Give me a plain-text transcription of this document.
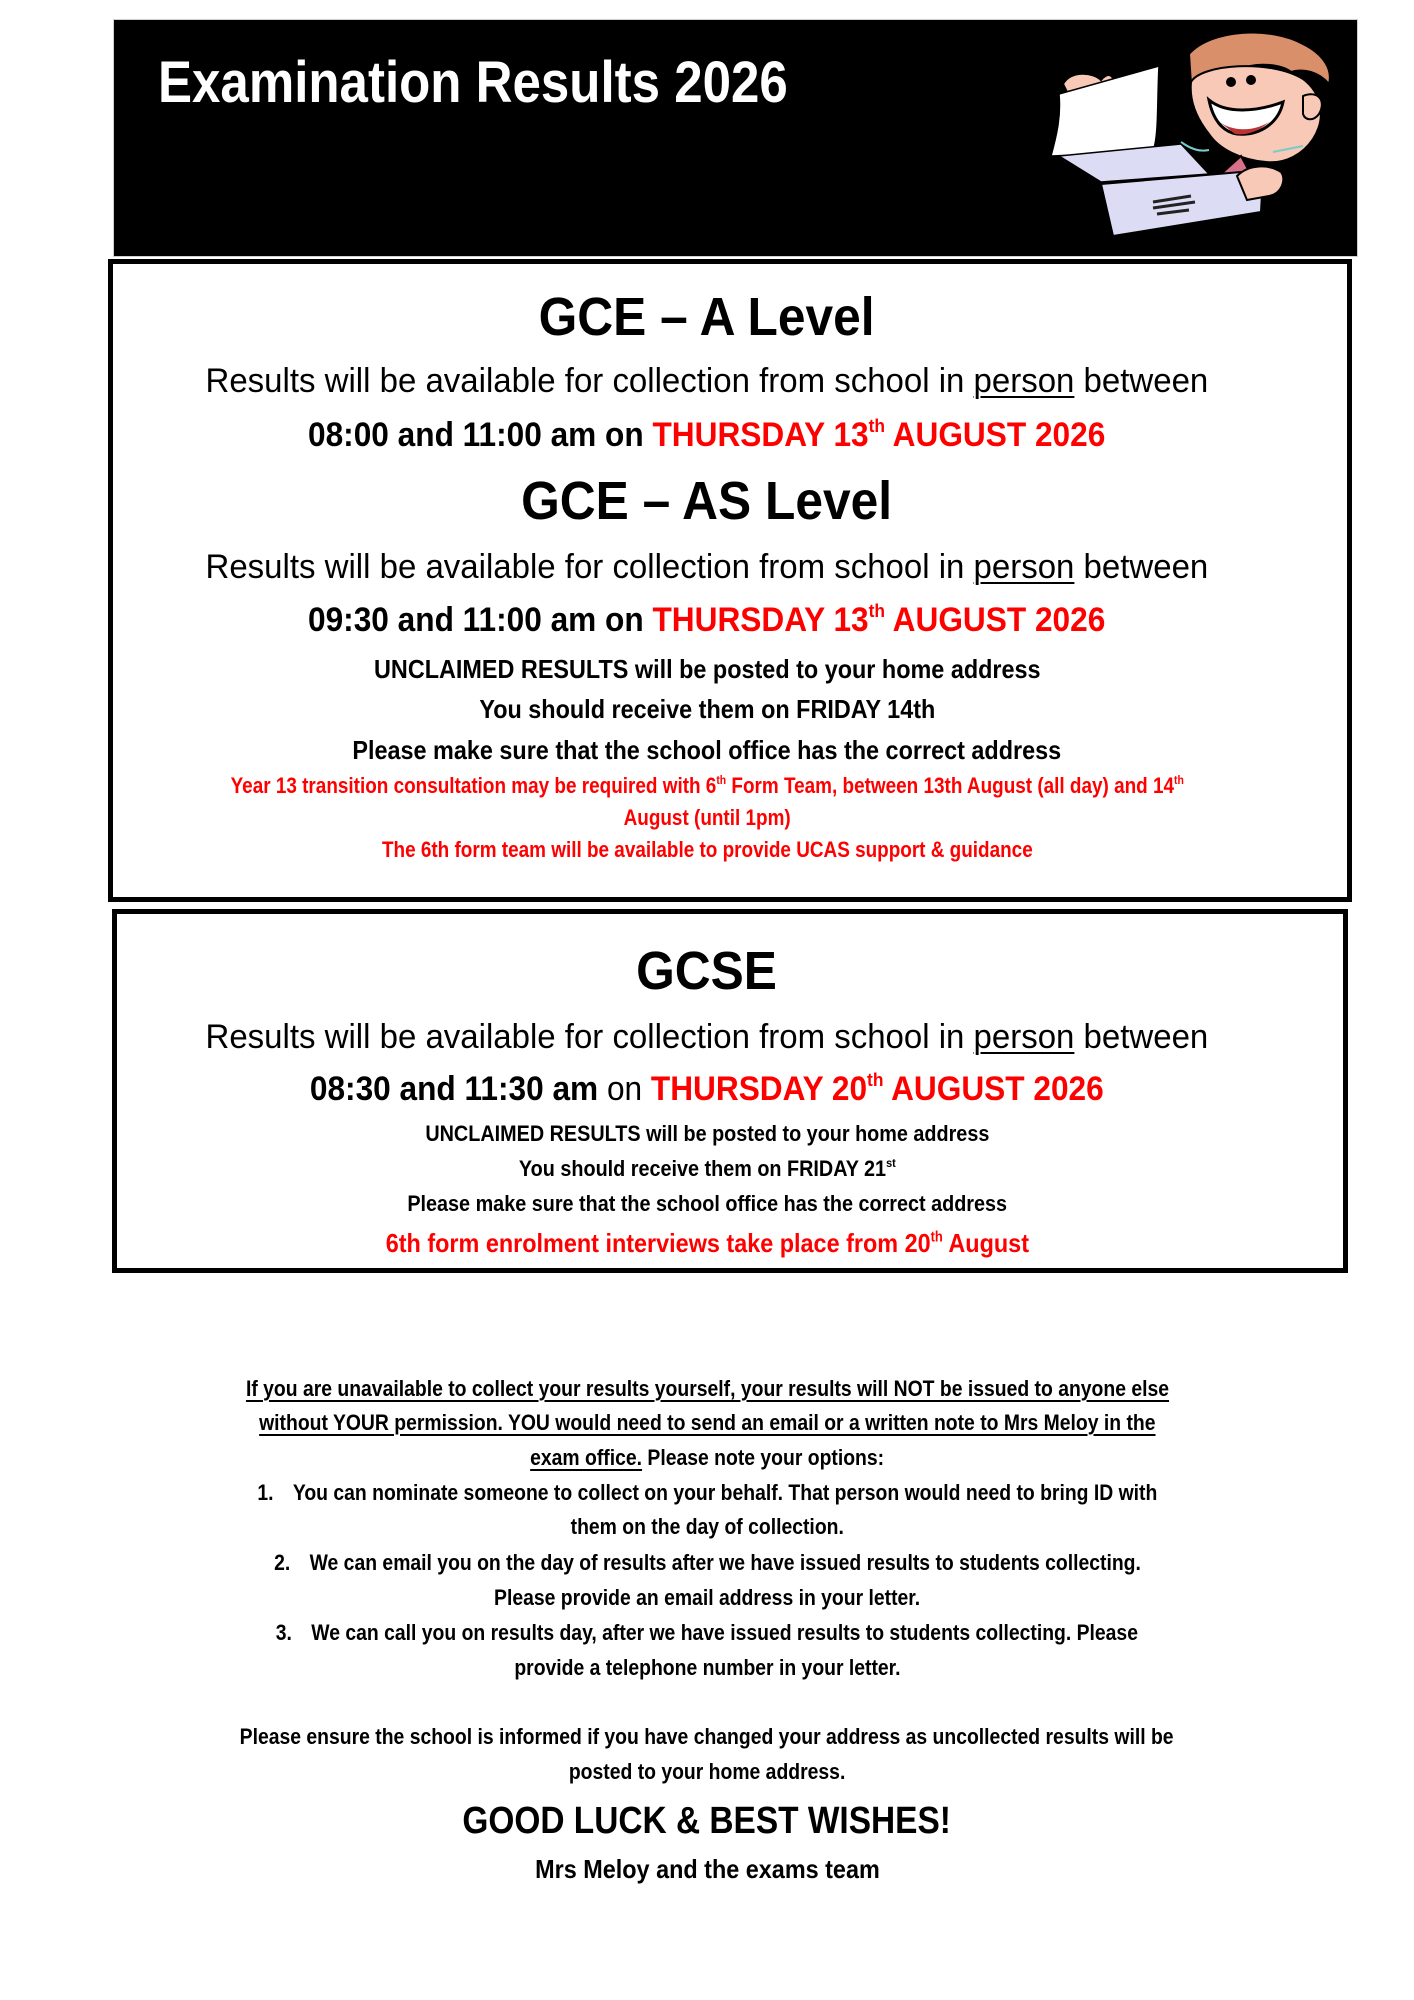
Examination Results 2026
GCE – A Level
Results will be available for collection from school in person between
08:00 and 11:00 am on THURSDAY 13th AUGUST 2026
GCE – AS Level
Results will be available for collection from school in person between
09:30 and 11:00 am on THURSDAY 13th AUGUST 2026
UNCLAIMED RESULTS will be posted to your home address
You should receive them on FRIDAY 14th
Please make sure that the school office has the correct address
Year 13 transition consultation may be required with 6th Form Team, between 13th August (all day) and 14th
August (until 1pm)
The 6th form team will be available to provide UCAS support & guidance
GCSE
Results will be available for collection from school in person between
08:30 and 11:30 am on THURSDAY 20th AUGUST 2026
UNCLAIMED RESULTS will be posted to your home address
You should receive them on FRIDAY 21st
Please make sure that the school office has the correct address
6th form enrolment interviews take place from 20th August
If you are unavailable to collect your results yourself, your results will NOT be issued to anyone else
without YOUR permission. YOU would need to send an email or a written note to Mrs Meloy in the
exam office. Please note your options:
1. You can nominate someone to collect on your behalf. That person would need to bring ID with
them on the day of collection.
2. We can email you on the day of results after we have issued results to students collecting.
Please provide an email address in your letter.
3. We can call you on results day, after we have issued results to students collecting. Please
provide a telephone number in your letter.
Please ensure the school is informed if you have changed your address as uncollected results will be
posted to your home address.
GOOD LUCK & BEST WISHES!
Mrs Meloy and the exams team
